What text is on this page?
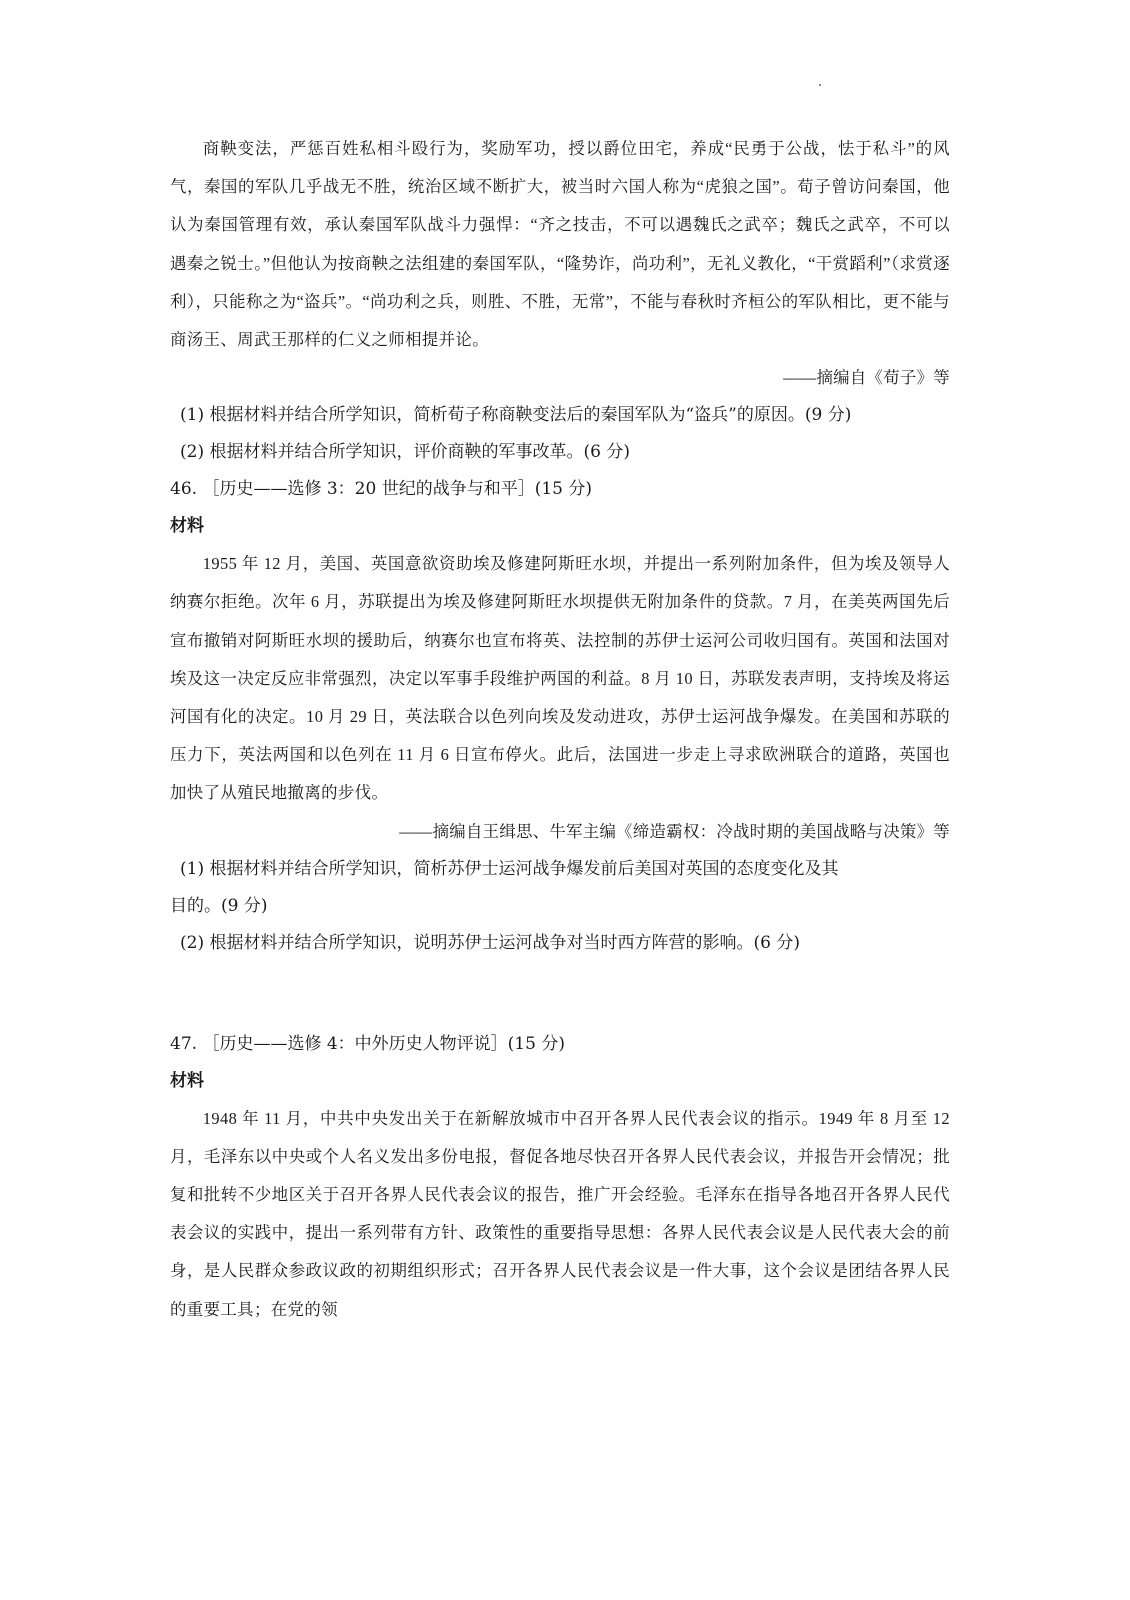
商鞅变法，严惩百姓私相斗殴行为，奖励军功，授以爵位田宅，养成“民勇于公战，怯于私斗”的风气，秦国的军队几乎战无不胜，统治区域不断扩大，被当时六国人称为“虎狼之国”。荀子曾访问秦国，他认为秦国管理有效，承认秦国军队战斗力强悍：“齐之技击，不可以遇魏氏之武卒；魏氏之武卒，不可以遇秦之锐士。”但他认为按商鞅之法组建的秦国军队，“隆势诈，尚功利”，无礼义教化，“干赏蹈利”（求赏逐利），只能称之为“盗兵”。“尚功利之兵，则胜、不胜，无常”，不能与春秋时齐桓公的军队相比，更不能与商汤王、周武王那样的仁义之师相提并论。

——摘编自《荀子》等

(1) 根据材料并结合所学知识，简析荀子称商鞅变法后的秦国军队为“盗兵”的原因。(9 分)

(2) 根据材料并结合所学知识，评价商鞅的军事改革。(6 分)

46. ［历史——选修 3：20 世纪的战争与和平］(15 分)

材料

1955 年 12 月，美国、英国意欲资助埃及修建阿斯旺水坝，并提出一系列附加条件，但为埃及领导人纳赛尔拒绝。次年 6 月，苏联提出为埃及修建阿斯旺水坝提供无附加条件的贷款。7 月，在美英两国先后宣布撤销对阿斯旺水坝的援助后，纳赛尔也宣布将英、法控制的苏伊士运河公司收归国有。英国和法国对埃及这一决定反应非常强烈，决定以军事手段维护两国的利益。8 月 10 日，苏联发表声明，支持埃及将运河国有化的决定。10 月 29 日，英法联合以色列向埃及发动进攻，苏伊士运河战争爆发。在美国和苏联的压力下，英法两国和以色列在 11 月 6 日宣布停火。此后，法国进一步走上寻求欧洲联合的道路，英国也加快了从殖民地撤离的步伐。

——摘编自王缉思、牛军主编《缔造霸权：冷战时期的美国战略与决策》等

(1) 根据材料并结合所学知识，简析苏伊士运河战争爆发前后美国对英国的态度变化及其

目的。(9 分)

(2) 根据材料并结合所学知识，说明苏伊士运河战争对当时西方阵营的影响。(6 分)

47. ［历史——选修 4：中外历史人物评说］(15 分)

材料

1948 年 11 月，中共中央发出关于在新解放城市中召开各界人民代表会议的指示。1949 年 8 月至 12 月，毛泽东以中央或个人名义发出多份电报，督促各地尽快召开各界人民代表会议，并报告开会情况；批复和批转不少地区关于召开各界人民代表会议的报告，推广开会经验。毛泽东在指导各地召开各界人民代表会议的实践中，提出一系列带有方针、政策性的重要指导思想：各界人民代表会议是人民代表大会的前身，是人民群众参政议政的初期组织形式；召开各界人民代表会议是一件大事，这个会议是团结各界人民的重要工具；在党的领
